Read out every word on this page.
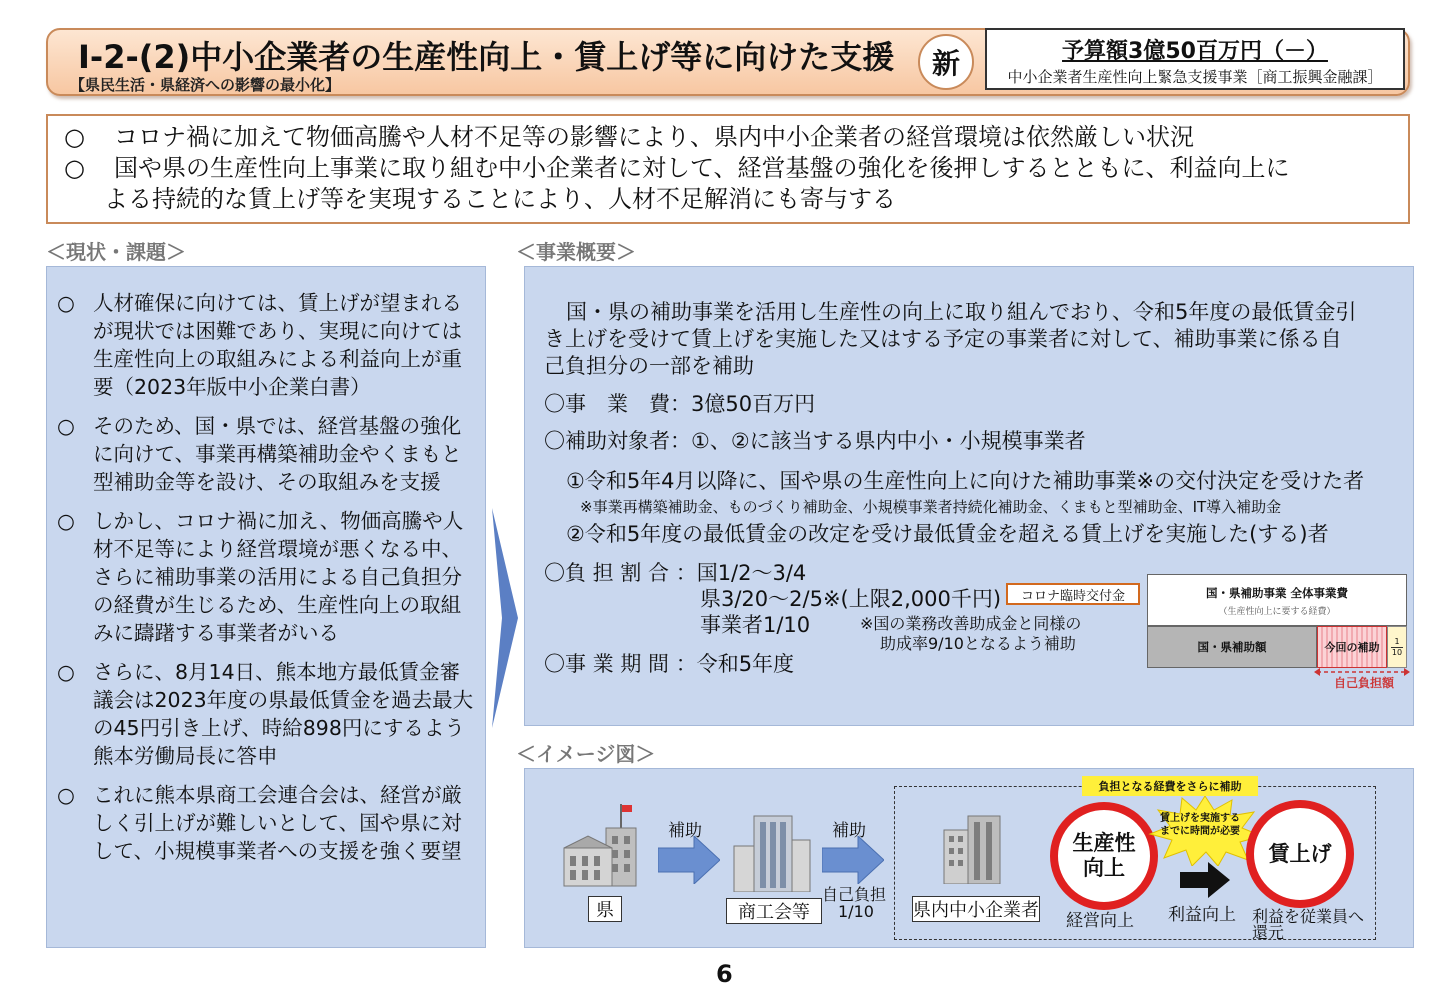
Ⅰ-2-(2)中小企業者の生産性向上・賃上げ等に向けた支援
【県民生活・県経済への影響の最小化】
新	予算額3億50百万円（－）
中小企業者生産性向上緊急支援事業［商工振興金融課］
○ コロナ禍に加えて物価高騰や人材不足等の影響により、県内中小企業者の経営環境は依然厳しい状況
○ 国や県の生産性向上事業に取り組む中小企業者に対して、経営基盤の強化を後押しするとともに、利益向上に
よる持続的な賃上げ等を実現することにより、人材不足解消にも寄与する
＜現状・課題＞	＜事業概要＞
＜イメージ図＞
○ 人材確保に向けては、賃上げが望まれるが現状では困難であり、実現に向けては生産性向上の取組みによる利益向上が重要（2023年版中小企業白書）
○ そのため、国・県では、経営基盤の強化に向けて、事業再構築補助金やくまもと型補助金等を設け、その取組みを支援
○ しかし、コロナ禍に加え、物価高騰や人材不足等により経営環境が悪くなる中、さらに補助事業の活用による自己負担分の経費が生じるため、生産性向上の取組みに躊躇する事業者がいる
○ さらに、8月14日、熊本地方最低賃金審議会は2023年度の県最低賃金を過去最大の45円引き上げ、時給898円にするよう熊本労働局長に答申
○ これに熊本県商工会連合会は、経営が厳しく引上げが難しいとして、国や県に対して、小規模事業者への支援を強く要望
国・県の補助事業を活用し生産性の向上に取り組んでおり、令和5年度の最低賃金引
き上げを受けて賃上げを実施した又はする予定の事業者に対して、補助事業に係る自
己負担分の一部を補助
〇事　業　費：3億50百万円
〇補助対象者：①、②に該当する県内中小・小規模事業者
①令和5年4月以降に、国や県の生産性向上に向けた補助事業※の交付決定を受けた者
※事業再構築補助金、ものづくり補助金、小規模事業者持続化補助金、くまもと型補助金、IT導入補助金
②令和5年度の最低賃金の改定を受け最低賃金を超える賃上げを実施した(する)者
〇負 担 割 合 ：国1/2～3/4
県3/20～2/5※(上限2,000千円)	コロナ臨時交付金
事業者1/10	※国の業務改善助成金と同様の
助成率9/10となるよう補助
〇事 業 期 間 ：令和5年度
国・県補助事業 全体事業費
（生産性向上に要する経費）
国・県補助額	今回の補助	1
10
自己負担額
負担となる経費をさらに補助
県
補助
商工会等
補助
自己負担
1/10 県内中小企業者
生産性
向上
経営向上
賃上げを実施する
までに時間が必要
利益向上
賃上げ
利益を従業員へ
還元
6
